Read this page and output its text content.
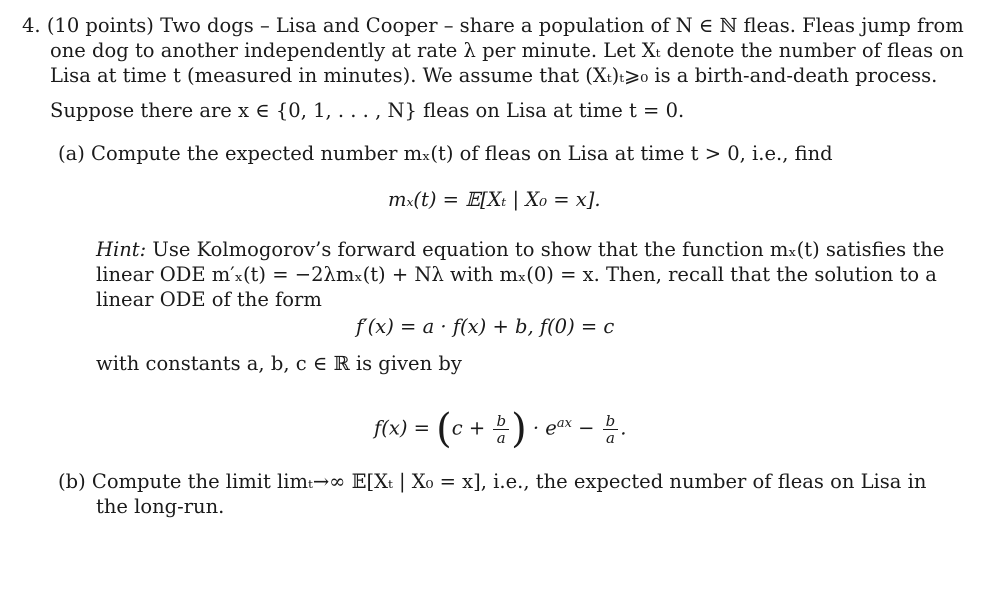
4. (10 points) Two dogs – Lisa and Cooper – share a population of N ∈ ℕ fleas. Fleas jump from
one dog to another independently at rate λ per minute. Let Xₜ denote the number of fleas on
Lisa at time t (measured in minutes). We assume that (Xₜ)ₜ⩾₀ is a birth-and-death process.
Suppose there are x ∈ {0, 1, . . . , N} fleas on Lisa at time t = 0.
(a) Compute the expected number mₓ(t) of fleas on Lisa at time t > 0, i.e., find
mₓ(t) = 𝔼[Xₜ | X₀ = x].
Hint: Use Kolmogorov’s forward equation to show that the function mₓ(t) satisfies the
linear ODE m′ₓ(t) = −2λmₓ(t) + Nλ with mₓ(0) = x. Then, recall that the solution to a
linear ODE of the form
f′(x) = a · f(x) + b, f(0) = c
with constants a, b, c ∈ ℝ is given by
$f(x) = (c + \frac{b}{a}$ ) · $e^{ax} - \frac{b}{a}$ .
(b) Compute the limit limₜ→∞ 𝔼[Xₜ | X₀ = x], i.e., the expected number of fleas on Lisa in
the long-run.
